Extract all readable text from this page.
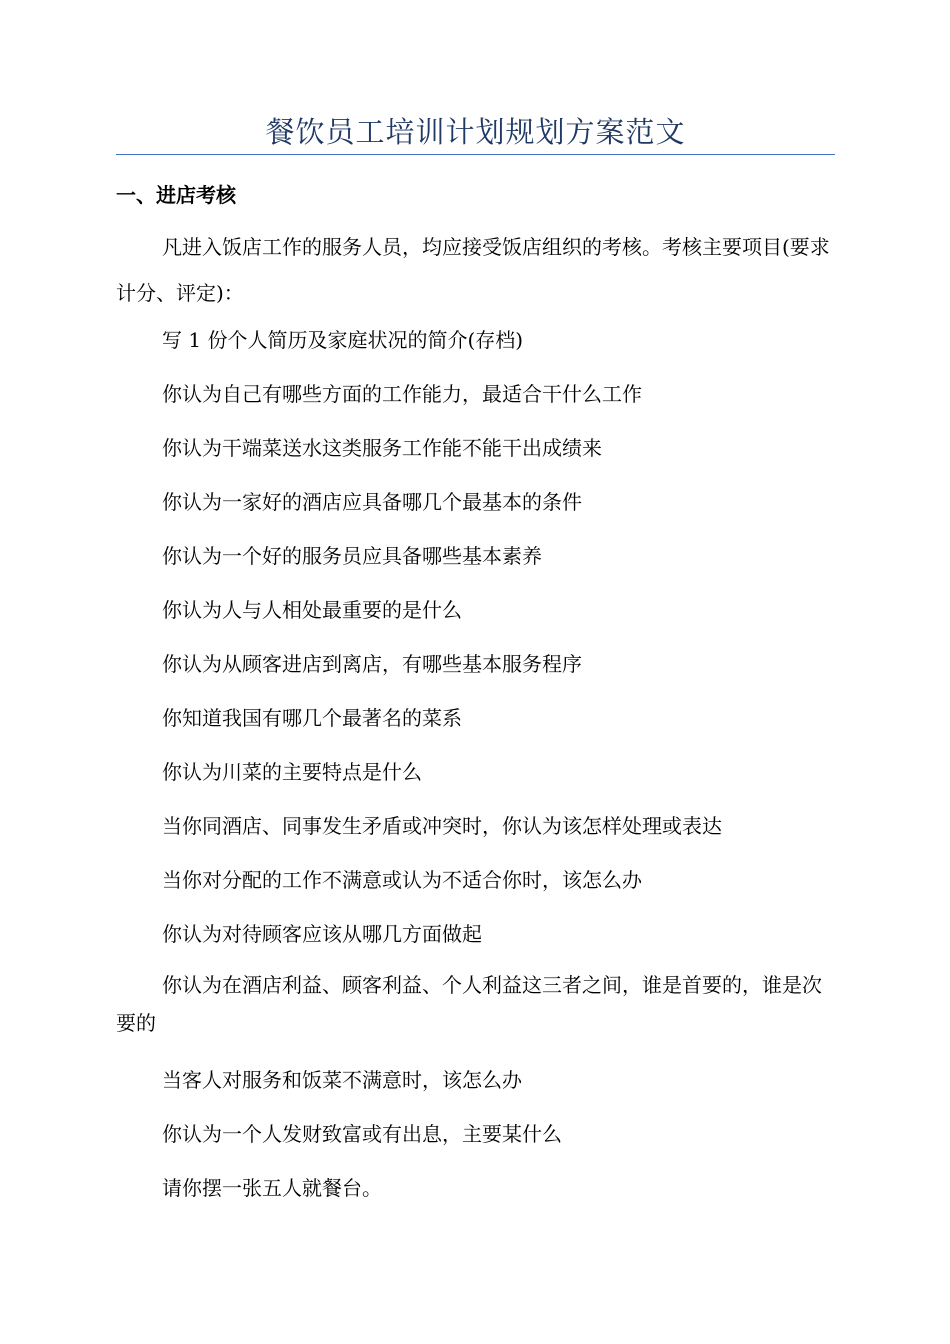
餐饮员工培训计划规划方案范文
一、进店考核

凡进入饭店工作的服务人员，均应接受饭店组织的考核。考核主要项目(要求计分、评定)：

写 1 份个人简历及家庭状况的简介(存档)

你认为自己有哪些方面的工作能力，最适合干什么工作

你认为干端菜送水这类服务工作能不能干出成绩来

你认为一家好的酒店应具备哪几个最基本的条件

你认为一个好的服务员应具备哪些基本素养

你认为人与人相处最重要的是什么

你认为从顾客进店到离店，有哪些基本服务程序

你知道我国有哪几个最著名的菜系

你认为川菜的主要特点是什么

当你同酒店、同事发生矛盾或冲突时，你认为该怎样处理或表达

当你对分配的工作不满意或认为不适合你时，该怎么办

你认为对待顾客应该从哪几方面做起

你认为在酒店利益、顾客利益、个人利益这三者之间，谁是首要的，谁是次要的

当客人对服务和饭菜不满意时，该怎么办

你认为一个人发财致富或有出息，主要某什么

请你摆一张五人就餐台。
